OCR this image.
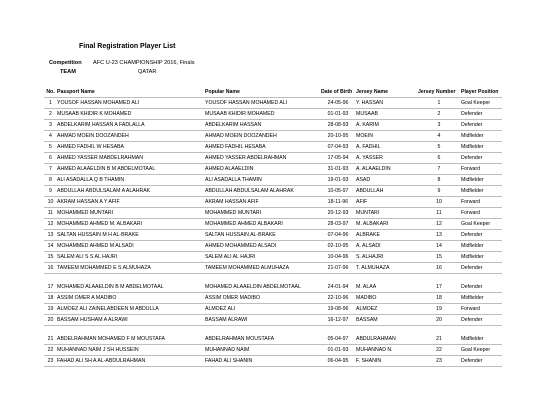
Final Registration Player List
Competition AFC U-23 CHAMPIONSHIP 2016, Finals
TEAM	QATAR
No.	Passport Name	Popular Name	Date of Birth	Jersey Name	Jersey Number	Player Position
1	YOUSOF HASSAN MOHAMED ALI	YOUSOF HASSAN MOHAMED ALI	24-05-96	Y. HASSAN	1	Goal Keeper
2	MUSAAB KHIDIR K MOHAMED	MUSAAB KHIDIR MOHAMED	01-01-93	MUSAAB	2	Defender
3	ABDELKARIM HASSAN A FADLALLA	ABDELKARIM HASSAN	28-08-93	A. KARIM	3	Defender
4	AHMAD MOEIN DOOZANDEH	AHMAD MOEIN DOOZANDEH	20-10-95	MOEIN	4	Midfielder
5	AHMED FADHIL W HESABA	AHMED FADHIL HESABA	07-04-93	A. FADHIL	5	Midfielder
6	AHMED YASSER MABDELRAHMAN	AHMED YASSER ABDELRAHMAN	17-05-94	A. YASSER	6	Defender
7	AHMED ALAAELDIN B M ABDELMOTAAL	AHMED ALAAELDIN	31-01-93	A. ALAAELDIN	7	Forward
8	ALI ASADALLA Q B THAMIN	ALI ASADALLA THAMIN	19-01-93	ASAD	8	Midfielder
9	ABDULLAH ABDULSALAM A ALAHRAK	ABDULLAH ABDULSALAM ALAHRAK	10-05-97	ABDULLAH	9	Midfielder
10	AKRAM HASSAN A Y AFIF	AKRAM HASSAN AFIF	18-11-96	AFIF	10	Forward
11	MOHAMMED MUNTARI	MOHAMMED MUNTARI	20-12-93	MUNTARI	11	Forward
12	MOHAMMED AHMED M. ALBAKARI	MOHAMMED AHMED ALBAKARI	28-03-97	M. ALBAKARI	12	Goal Keeper
13	SALTAN HUSSAIN M H AL-BRAKE	SALTAN HUSSAIN AL-BRAKE	07-04-96	ALBRAKE	13	Defender
14	MOHAMMED AHMED M ALSADI	AHMED MOHAMMED ALSADI	02-10-95	A. ALSADI	14	Midfielder
15	SALEM ALI S S AL HAJRI	SALEM ALI AL HAJRI	10-04-96	S. ALHAJRI	15	Midfielder
16	TAMEEM MOHAMMED E S ALMUHAZA	TAMEEM MOHAMMED ALMUHAZA	21-07-96	T. ALMUHAZA	16	Defender
17	MOHAMED ALAAELDIN B M ABDELMOTAAL	MOHAMED ALAAELDIN ABDELMOTAAL	24-01-94	M. ALAA	17	Defender
18	ASSIM OMER A MADIBO	ASSIM OMER MADIBO	22-10-96	MADIBO	18	Midfielder
19	ALMOEZ ALI ZAINELABDEEN M ABDULLA	ALMOEZ ALI	19-08-96	ALMOEZ	19	Forward
20	BASSAM HUSHAM A ALRAWI	BASSAM ALRAWI	16-12-97	BASSAM	20	Defender
21	ABDELRAHMAN MOHAMED F M MOUSTAFA	ABDELRAHMAN MOUSTAFA	05-04-97	ABDULRAHMAN	21	Midfielder
22	MUHANNAD NAIM J SH HUSSEIN	MUHANNAD NAIM	01-01-93	MUHANNAD N.	22	Goal Keeper
23	FAHAD ALI SH A AL-ABDULRAHMAN	FAHAD ALI SHANIN	06-04-95	F. SHANIN	23	Defender
